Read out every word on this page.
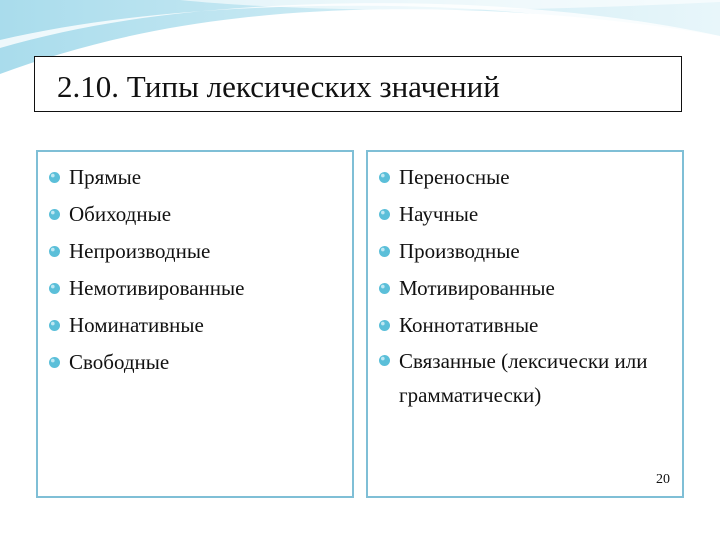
2.10. Типы лексических значений
Прямые
Обиходные
Непроизводные
Немотивированные
Номинативные
Свободные
Переносные
Научные
Производные
Мотивированные
Коннотативные
Связанные (лексически или грамматически)
20
